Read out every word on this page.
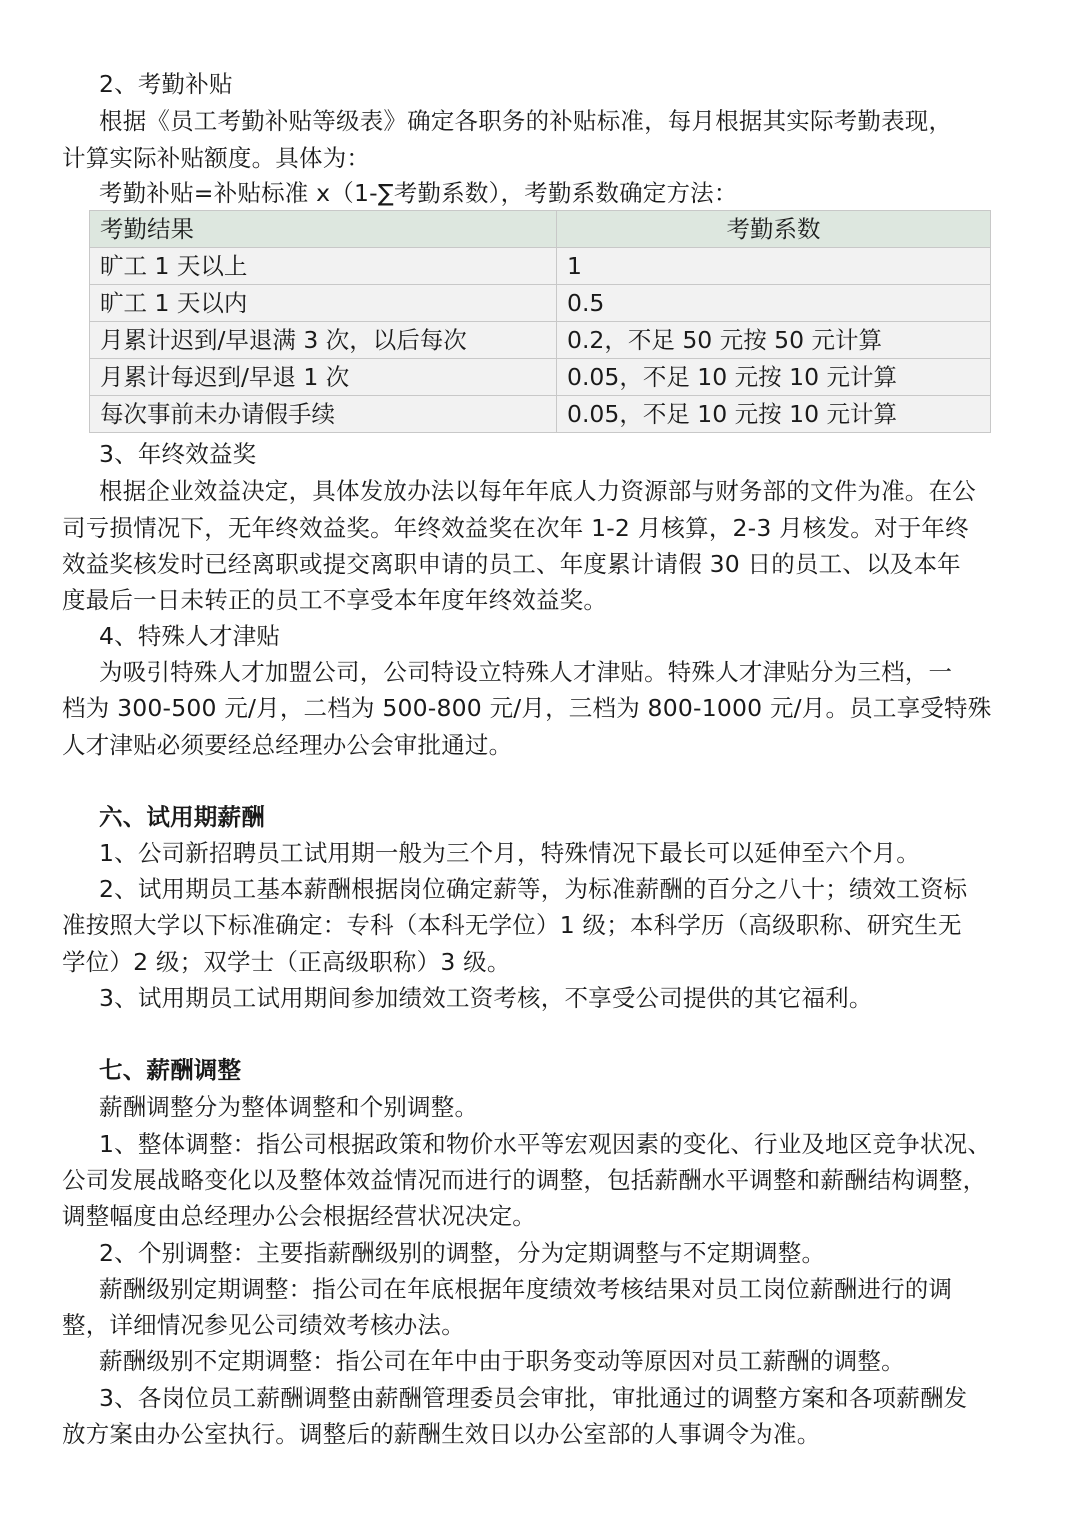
2、考勤补贴
根据《员工考勤补贴等级表》确定各职务的补贴标准，每月根据其实际考勤表现，
计算实际补贴额度。具体为：
考勤补贴=补贴标准 x（1-∑考勤系数），考勤系数确定方法：
考勤结果	考勤系数
旷工 1 天以上	1
旷工 1 天以内	0.5
月累计迟到/早退满 3 次，以后每次	0.2，不足 50 元按 50 元计算
月累计每迟到/早退 1 次	0.05，不足 10 元按 10 元计算
每次事前未办请假手续	0.05，不足 10 元按 10 元计算
3、年终效益奖
根据企业效益决定，具体发放办法以每年年底人力资源部与财务部的文件为准。在公
司亏损情况下，无年终效益奖。年终效益奖在次年 1-2 月核算，2-3 月核发。对于年终
效益奖核发时已经离职或提交离职申请的员工、年度累计请假 30 日的员工、以及本年
度最后一日未转正的员工不享受本年度年终效益奖。
4、特殊人才津贴
为吸引特殊人才加盟公司，公司特设立特殊人才津贴。特殊人才津贴分为三档，一
档为 300-500 元/月，二档为 500-800 元/月，三档为 800-1000 元/月。员工享受特殊
人才津贴必须要经总经理办公会审批通过。
六、试用期薪酬
1、公司新招聘员工试用期一般为三个月，特殊情况下最长可以延伸至六个月。
2、试用期员工基本薪酬根据岗位确定薪等，为标准薪酬的百分之八十；绩效工资标
准按照大学以下标准确定：专科（本科无学位）1 级；本科学历（高级职称、研究生无
学位）2 级；双学士（正高级职称）3 级。
3、试用期员工试用期间参加绩效工资考核，不享受公司提供的其它福利。
七、薪酬调整
薪酬调整分为整体调整和个别调整。
1、整体调整：指公司根据政策和物价水平等宏观因素的变化、行业及地区竞争状况、
公司发展战略变化以及整体效益情况而进行的调整，包括薪酬水平调整和薪酬结构调整，
调整幅度由总经理办公会根据经营状况决定。
2、个别调整：主要指薪酬级别的调整，分为定期调整与不定期调整。
薪酬级别定期调整：指公司在年底根据年度绩效考核结果对员工岗位薪酬进行的调
整，详细情况参见公司绩效考核办法。
薪酬级别不定期调整：指公司在年中由于职务变动等原因对员工薪酬的调整。
3、各岗位员工薪酬调整由薪酬管理委员会审批，审批通过的调整方案和各项薪酬发
放方案由办公室执行。调整后的薪酬生效日以办公室部的人事调令为准。
